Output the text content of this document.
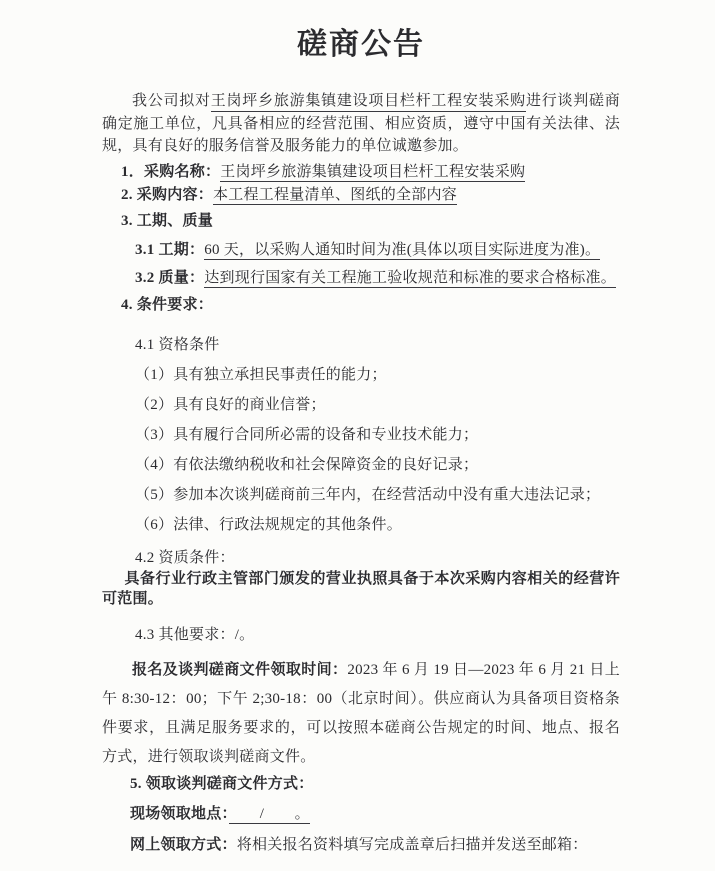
磋商公告

我公司拟对王岗坪乡旅游集镇建设项目栏杆工程安装采购进行谈判磋商确定施工单位，凡具备相应的经营范围、相应资质，遵守中国有关法律、法规，具有良好的服务信誉及服务能力的单位诚邀参加。

1．采购名称：王岗坪乡旅游集镇建设项目栏杆工程安装采购

2. 采购内容：本工程工程量清单、图纸的全部内容

3. 工期、质量

3.1 工期：60 天，以采购人通知时间为准(具体以项目实际进度为准)。

3.2 质量：达到现行国家有关工程施工验收规范和标准的要求合格标准。

4. 条件要求：

4.1 资格条件

（1）具有独立承担民事责任的能力；

（2）具有良好的商业信誉；

（3）具有履行合同所必需的设备和专业技术能力；

（4）有依法缴纳税收和社会保障资金的良好记录；

（5）参加本次谈判磋商前三年内，在经营活动中没有重大违法记录；

（6）法律、行政法规规定的其他条件。

4.2 资质条件：

具备行业行政主管部门颁发的营业执照具备于本次采购内容相关的经营许可范围。

4.3 其他要求：/。

报名及谈判磋商文件领取时间：2023 年 6 月 19 日—2023 年 6 月 21 日上午 8:30-12：00；下午 2;30-18：00（北京时间）。供应商认为具备项目资格条件要求，且满足服务要求的，可以按照本磋商公告规定的时间、地点、报名方式，进行领取谈判磋商文件。

5. 领取谈判磋商文件方式：

现场领取地点：　　/　　。

网上领取方式：将相关报名资料填写完成盖章后扫描并发送至邮箱：
